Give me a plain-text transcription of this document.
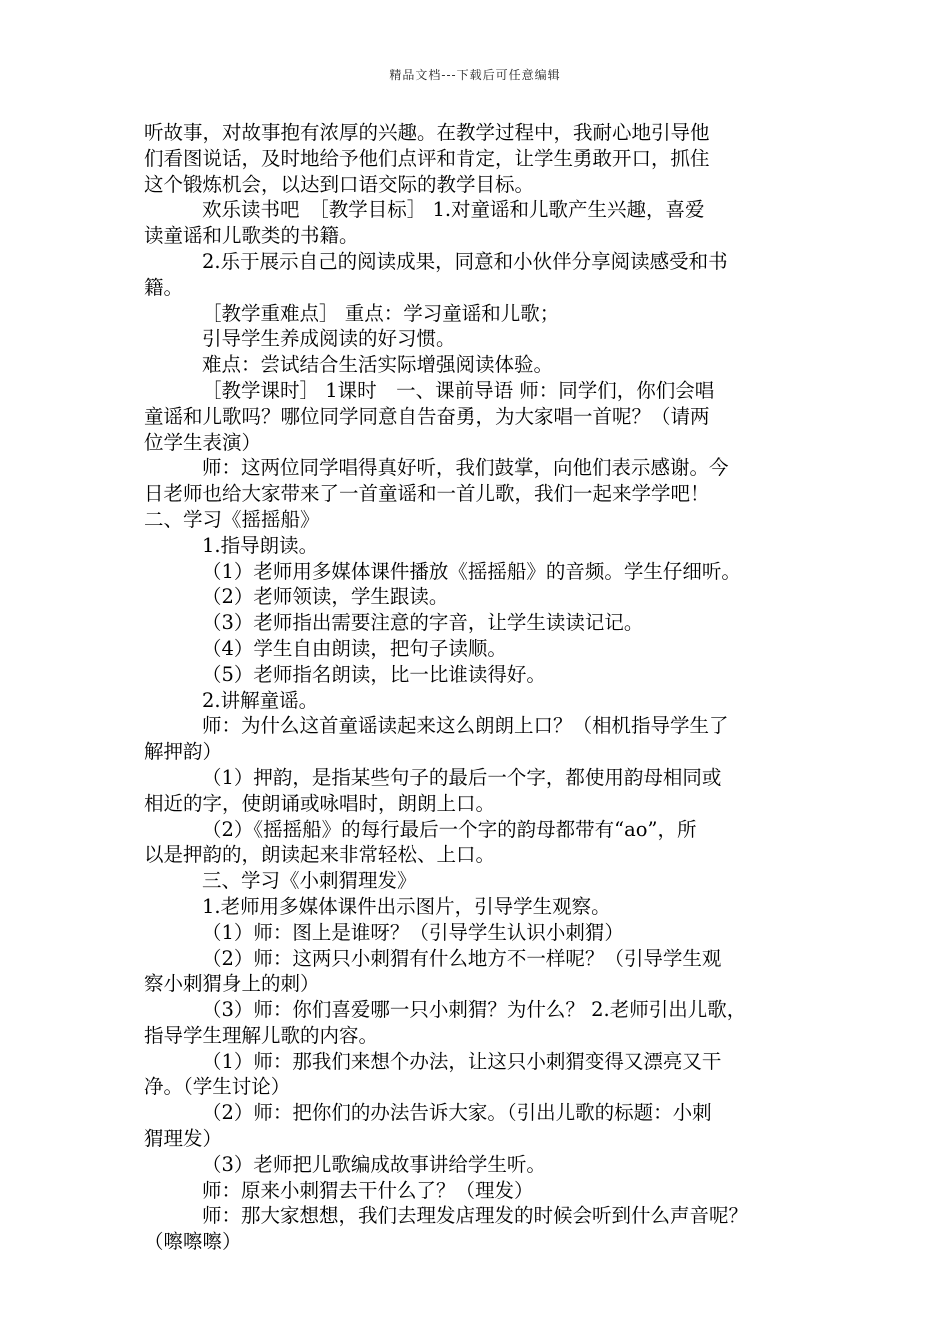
精品文档---下载后可任意编辑
听故事，对故事抱有浓厚的兴趣。在教学过程中，我耐心地引导他
们看图说话，及时地给予他们点评和肯定，让学生勇敢开口，抓住
这个锻炼机会，以达到口语交际的教学目标。
欢乐读书吧　［教学目标］ 1.对童谣和儿歌产生兴趣，喜爱
读童谣和儿歌类的书籍。
2.乐于展示自己的阅读成果，同意和小伙伴分享阅读感受和书
籍。
［教学重难点］ 重点：学习童谣和儿歌；
引导学生养成阅读的好习惯。
难点：尝试结合生活实际增强阅读体验。
［教学课时］ 1课时　一、课前导语 师：同学们，你们会唱
童谣和儿歌吗？哪位同学同意自告奋勇，为大家唱一首呢？（请两
位学生表演）
师：这两位同学唱得真好听，我们鼓掌，向他们表示感谢。今
日老师也给大家带来了一首童谣和一首儿歌，我们一起来学学吧！
二、学习《摇摇船》
1.指导朗读。
（1）老师用多媒体课件播放《摇摇船》的音频。学生仔细听。
（2）老师领读，学生跟读。
（3）老师指出需要注意的字音，让学生读读记记。
（4）学生自由朗读，把句子读顺。
（5）老师指名朗读，比一比谁读得好。
2.讲解童谣。
师：为什么这首童谣读起来这么朗朗上口？（相机指导学生了
解押韵）
（1）押韵，是指某些句子的最后一个字，都使用韵母相同或
相近的字，使朗诵或咏唱时，朗朗上口。
（2）《摇摇船》的每行最后一个字的韵母都带有“ao”，所
以是押韵的，朗读起来非常轻松、上口。
三、学习《小刺猬理发》
1.老师用多媒体课件出示图片，引导学生观察。
（1）师：图上是谁呀？（引导学生认识小刺猬）
（2）师：这两只小刺猬有什么地方不一样呢？（引导学生观
察小刺猬身上的刺）
（3）师：你们喜爱哪一只小刺猬？为什么？ 2.老师引出儿歌，
指导学生理解儿歌的内容。
（1）师：那我们来想个办法，让这只小刺猬变得又漂亮又干
净。（学生讨论）
（2）师：把你们的办法告诉大家。（引出儿歌的标题：小刺
猬理发）
（3）老师把儿歌编成故事讲给学生听。
师：原来小刺猬去干什么了？（理发）
师：那大家想想，我们去理发店理发的时候会听到什么声音呢？
（嚓嚓嚓）
